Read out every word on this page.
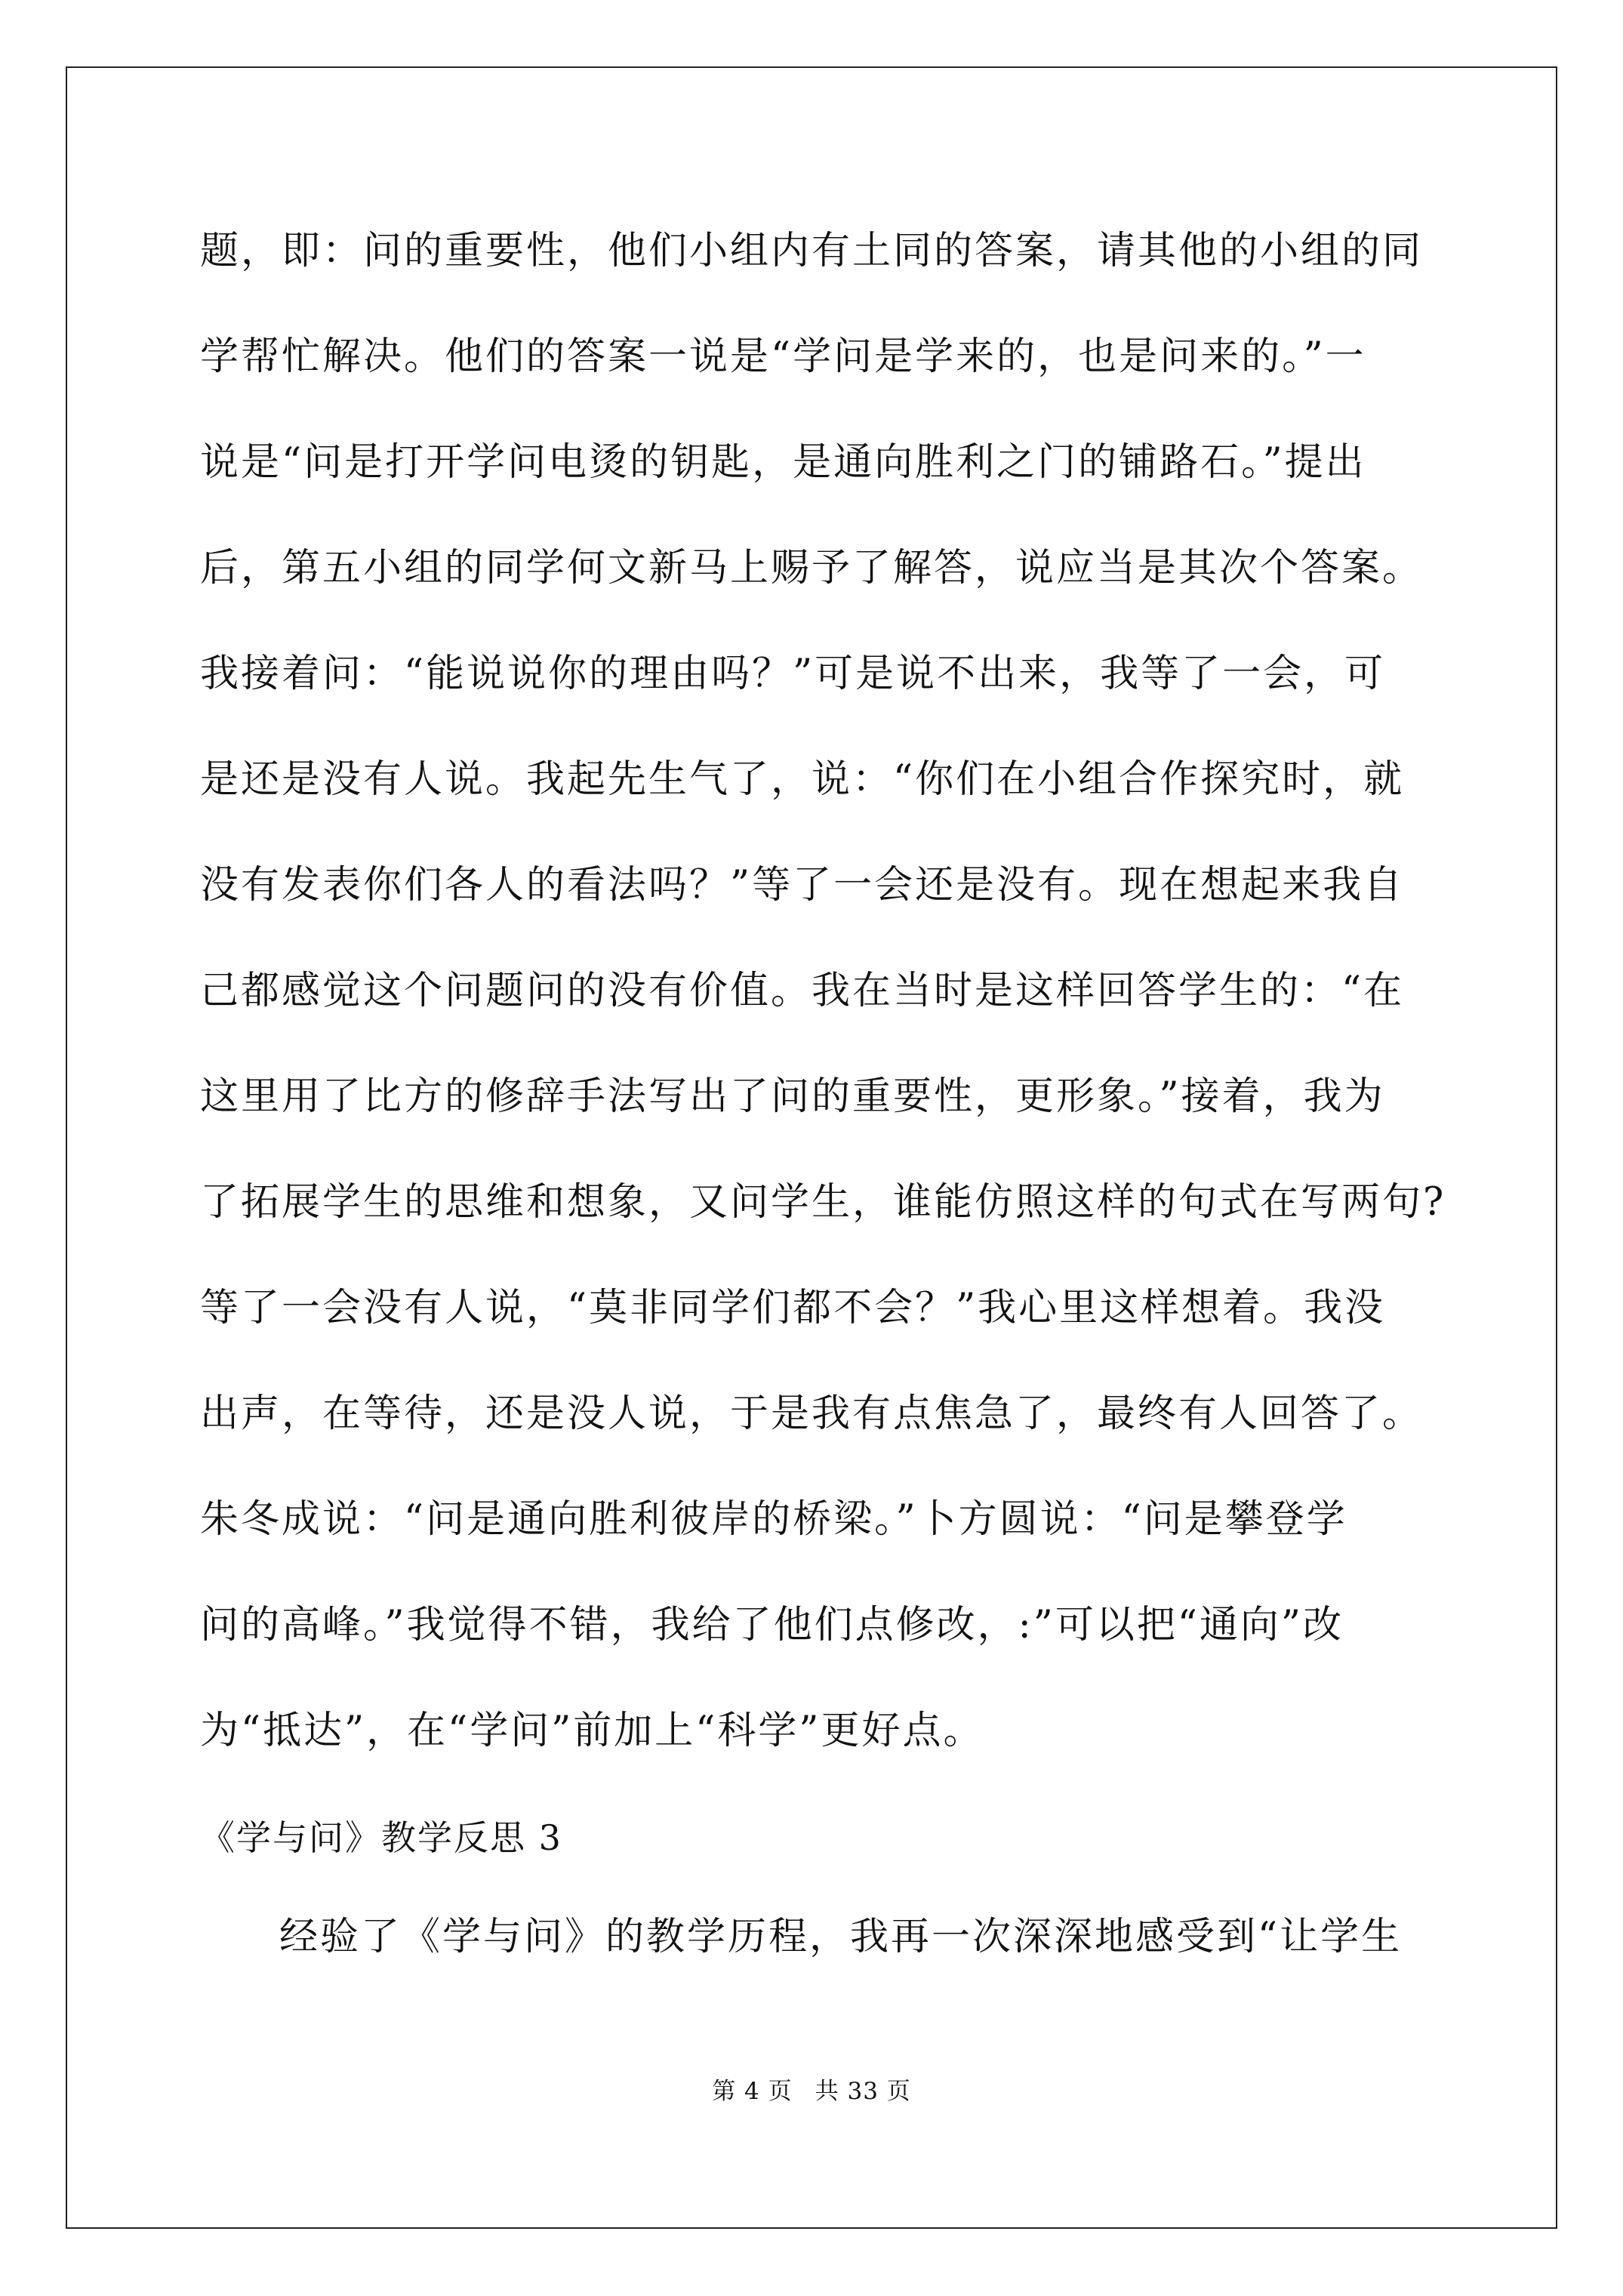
题，即：问的重要性，他们小组内有土同的答案，请其他的小组的同
学帮忙解决。他们的答案一说是“学问是学来的，也是问来的。”一
说是“问是打开学问电烫的钥匙，是通向胜利之门的铺路石。”提出
后，第五小组的同学何文新马上赐予了解答，说应当是其次个答案。
我接着问：“能说说你的理由吗？”可是说不出来，我等了一会，可
是还是没有人说。我起先生气了，说：“你们在小组合作探究时，就
没有发表你们各人的看法吗？”等了一会还是没有。现在想起来我自
己都感觉这个问题问的没有价值。我在当时是这样回答学生的：“在
这里用了比方的修辞手法写出了问的重要性，更形象。”接着，我为
了拓展学生的思维和想象，又问学生，谁能仿照这样的句式在写两句?
等了一会没有人说，“莫非同学们都不会？”我心里这样想着。我没
出声，在等待，还是没人说，于是我有点焦急了，最终有人回答了。
朱冬成说：“问是通向胜利彼岸的桥梁。”卜方圆说：“问是攀登学
问的高峰。”我觉得不错，我给了他们点修改，:”可以把“通向”改
为“抵达”，在“学问”前加上“科学”更好点。
《学与问》教学反思 3
经验了《学与问》的教学历程，我再一次深深地感受到“让学生
第 4 页 共 33 页
